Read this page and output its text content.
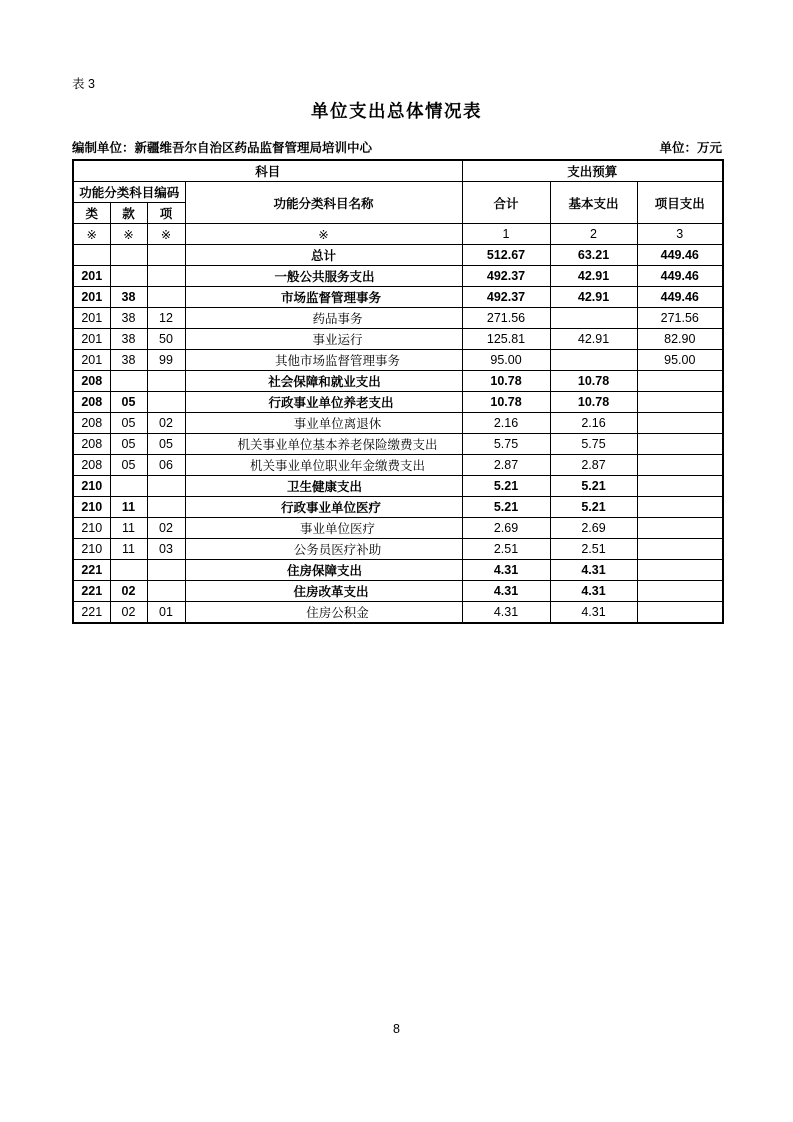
表 3
单位支出总体情况表
编制单位：新疆维吾尔自治区药品监督管理局培训中心	单位：万元
科目				支出预算		
功能分类科目编码			功能分类科目名称	合计	基本支出	项目支出
类	款	项				
※	※	※	※	1	2	3
			总计	512.67	63.21	449.46
201			一般公共服务支出	492.37	42.91	449.46
201	38		市场监督管理事务	492.37	42.91	449.46
201	38	12	药品事务	271.56		271.56
201	38	50	事业运行	125.81	42.91	82.90
201	38	99	其他市场监督管理事务	95.00		95.00
208			社会保障和就业支出	10.78	10.78	
208	05		行政事业单位养老支出	10.78	10.78	
208	05	02	事业单位离退休	2.16	2.16	
208	05	05	机关事业单位基本养老保险缴费支出	5.75	5.75	
208	05	06	机关事业单位职业年金缴费支出	2.87	2.87	
210			卫生健康支出	5.21	5.21	
210	11		行政事业单位医疗	5.21	5.21	
210	11	02	事业单位医疗	2.69	2.69	
210	11	03	公务员医疗补助	2.51	2.51	
221			住房保障支出	4.31	4.31	
221	02		住房改革支出	4.31	4.31	
221	02	01	住房公积金	4.31	4.31	
8
